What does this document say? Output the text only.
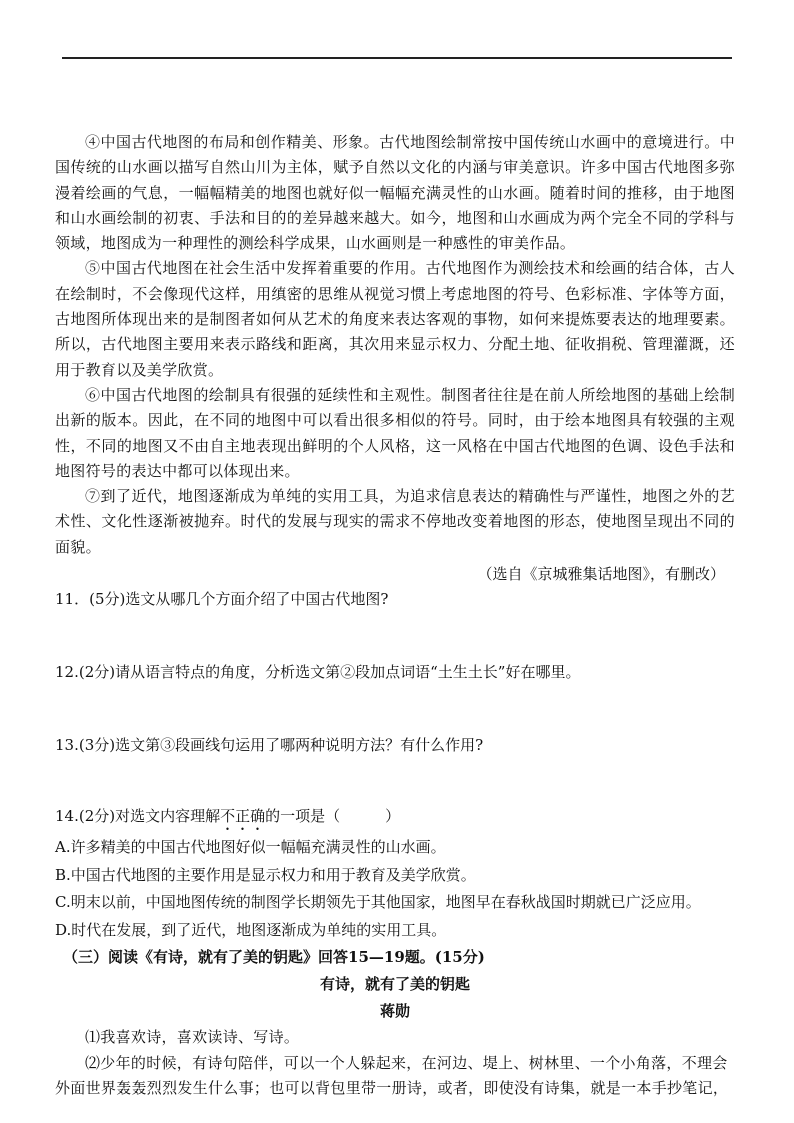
④中国古代地图的布局和创作精美、形象。古代地图绘制常按中国传统山水画中的意境进行。中国传统的山水画以描写自然山川为主体，赋予自然以文化的内涵与审美意识。许多中国古代地图多弥漫着绘画的气息，一幅幅精美的地图也就好似一幅幅充满灵性的山水画。随着时间的推移，由于地图和山水画绘制的初衷、手法和目的的差异越来越大。如今，地图和山水画成为两个完全不同的学科与领域，地图成为一种理性的测绘科学成果，山水画则是一种感性的审美作品。

⑤中国古代地图在社会生活中发挥着重要的作用。古代地图作为测绘技术和绘画的结合体，古人在绘制时，不会像现代这样，用缜密的思维从视觉习惯上考虑地图的符号、色彩标准、字体等方面，古地图所体现出来的是制图者如何从艺术的角度来表达客观的事物，如何来提炼要表达的地理要素。所以，古代地图主要用来表示路线和距离，其次用来显示权力、分配土地、征收捐税、管理灌溉，还用于教育以及美学欣赏。

⑥中国古代地图的绘制具有很强的延续性和主观性。制图者往往是在前人所绘地图的基础上绘制出新的版本。因此，在不同的地图中可以看出很多相似的符号。同时，由于绘本地图具有较强的主观性，不同的地图又不由自主地表现出鲜明的个人风格，这一风格在中国古代地图的色调、设色手法和地图符号的表达中都可以体现出来。

⑦到了近代，地图逐渐成为单纯的实用工具，为追求信息表达的精确性与严谨性，地图之外的艺术性、文化性逐渐被抛弃。时代的发展与现实的需求不停地改变着地图的形态，使地图呈现出不同的面貌。

（选自《京城雅集话地图》，有删改）

11．(5分)选文从哪几个方面介绍了中国古代地图?

12.(2分)请从语言特点的角度，分析选文第②段加点词语“土生土长”好在哪里。

13.(3分)选文第③段画线句运用了哪两种说明方法？有什么作用?

14.(2分)对选文内容理解不正确的一项是（　　　）

A.许多精美的中国古代地图好似一幅幅充满灵性的山水画。

B.中国古代地图的主要作用是显示权力和用于教育及美学欣赏。

C.明末以前，中国地图传统的制图学长期领先于其他国家，地图早在春秋战国时期就已广泛应用。

D.时代在发展，到了近代，地图逐渐成为单纯的实用工具。

（三）阅读《有诗，就有了美的钥匙》回答15—19题。(15分)

有诗，就有了美的钥匙

蒋勋

⑴我喜欢诗，喜欢读诗、写诗。

⑵少年的时候，有诗句陪伴，可以一个人躲起来，在河边、堤上、树林里、一个小角落，不理会外面世界轰轰烈烈发生什么事；也可以背包里带一册诗，或者，即使没有诗集，就是一本手抄笔记，
